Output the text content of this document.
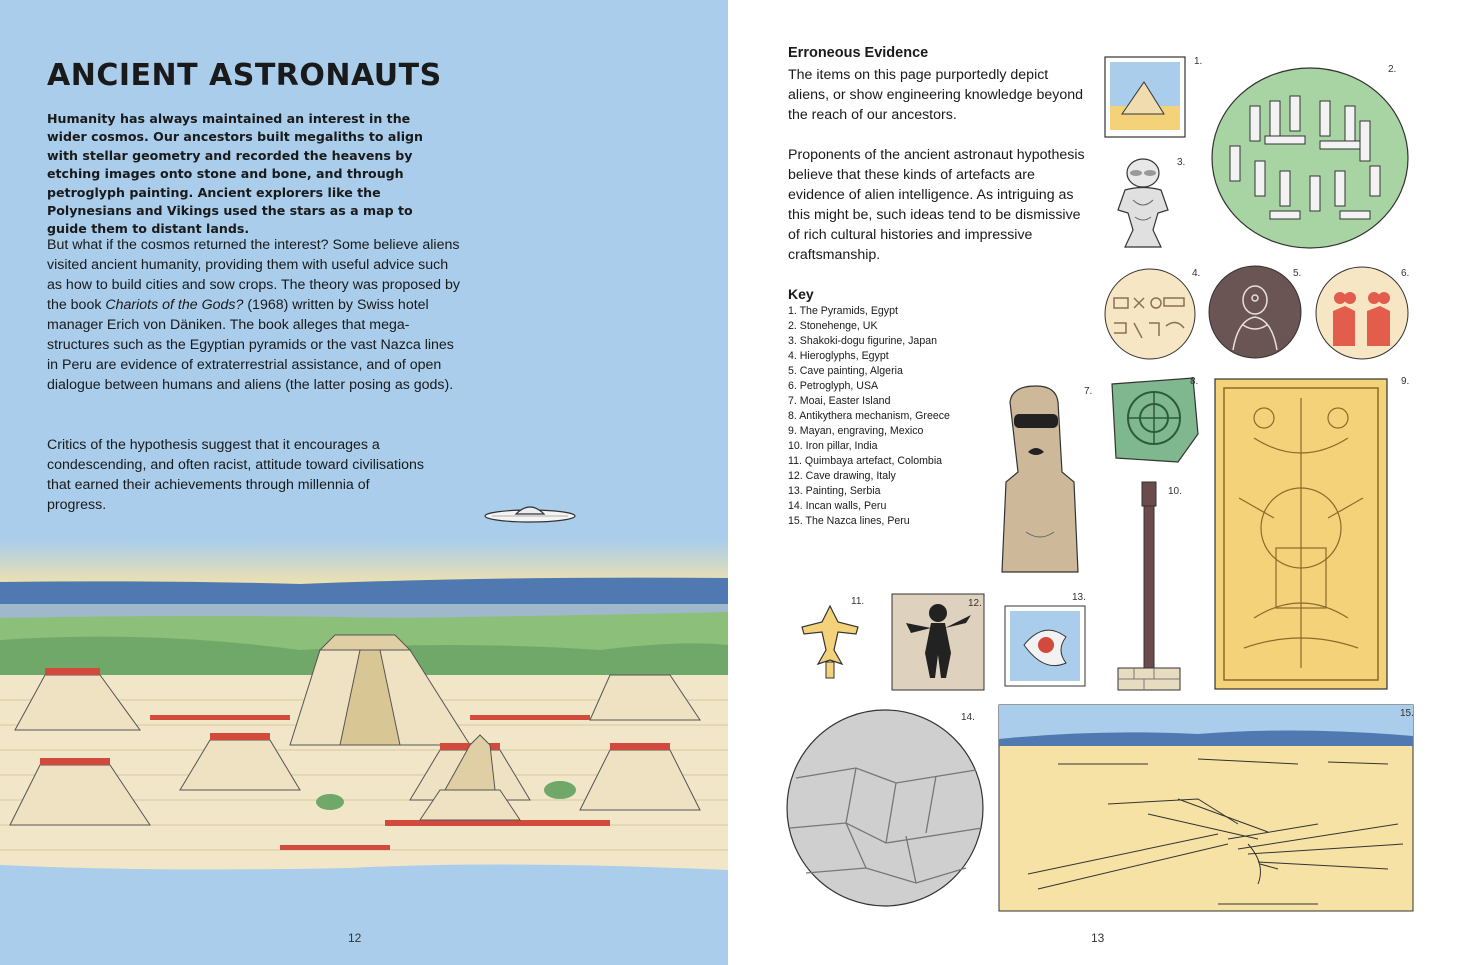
ANCIENT ASTRONAUTS

Humanity has always maintained an interest in the wider cosmos. Our ancestors built megaliths to align with stellar geometry and recorded the heavens by etching images onto stone and bone, and through petroglyph painting. Ancient explorers like the Polynesians and Vikings used the stars as a map to guide them to distant lands.

But what if the cosmos returned the interest? Some believe aliens visited ancient humanity, providing them with useful advice such as how to build cities and sow crops. The theory was proposed by the book Chariots of the Gods? (1968) written by Swiss hotel manager Erich von Däniken. The book alleges that mega-structures such as the Egyptian pyramids or the vast Nazca lines in Peru are evidence of extraterrestrial assistance, and of open dialogue between humans and aliens (the latter posing as gods).

Critics of the hypothesis suggest that it encourages a condescending, and often racist, attitude toward civilisations that earned their achievements through millennia of progress.

12
Erroneous Evidence

The items on this page purportedly depict aliens, or show engineering knowledge beyond the reach of our ancestors.

Proponents of the ancient astronaut hypothesis believe that these kinds of artefacts are evidence of alien intelligence. As intriguing as this might be, such ideas tend to be dismissive of rich cultural histories and impressive craftsmanship.

Key
1. The Pyramids, Egypt
2. Stonehenge, UK
3. Shakoki-dogu figurine, Japan
4. Hieroglyphs, Egypt
5. Cave painting, Algeria
6. Petroglyph, USA
7. Moai, Easter Island
8. Antikythera mechanism, Greece
9. Mayan, engraving, Mexico
10. Iron pillar, India
11. Quimbaya artefact, Colombia
12. Cave drawing, Italy
13. Painting, Serbia
14. Incan walls, Peru
15. The Nazca lines, Peru
1.
2.
3.
4.	5.	6.
7.
8.	9.
10.
11.	12.
13.
14.	15.
13
